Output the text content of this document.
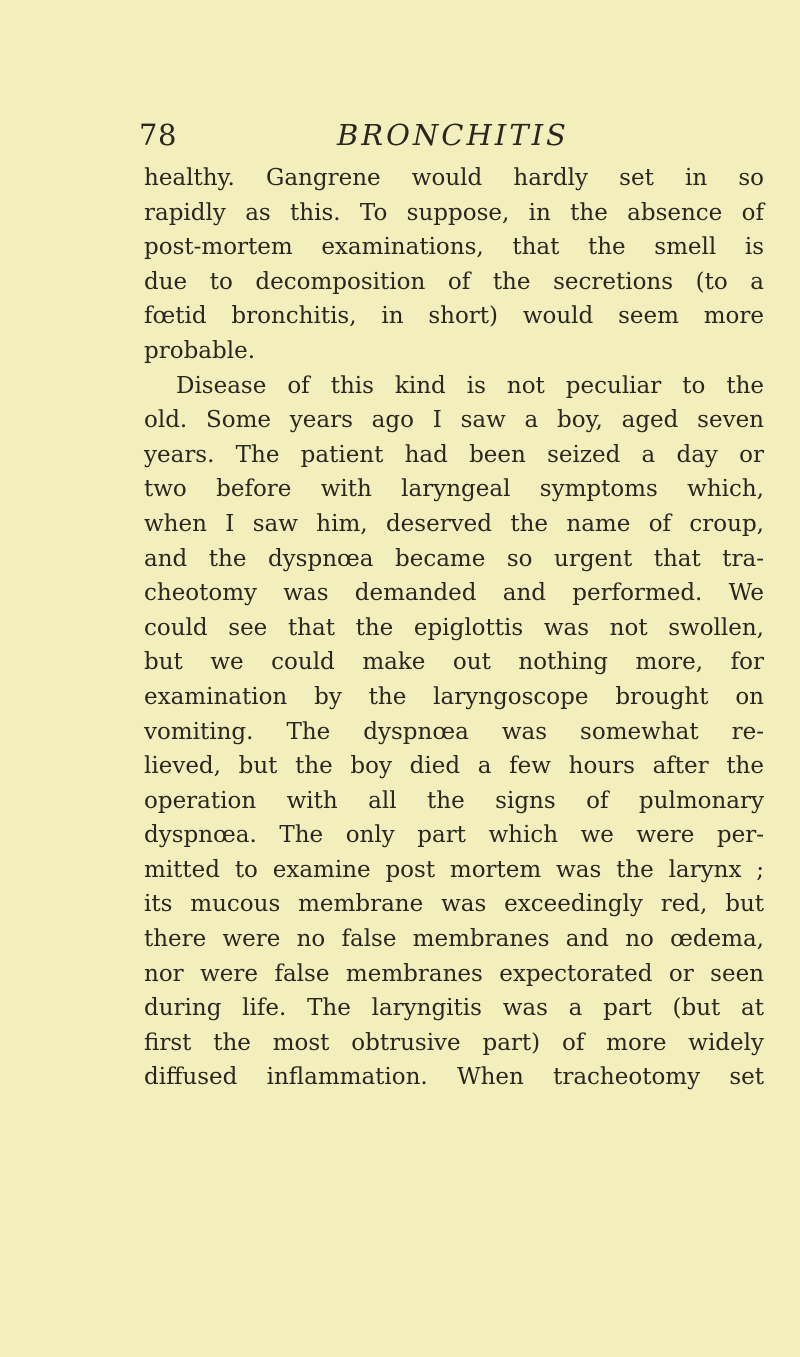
78	BRONCHITIS
healthy. Gangrene would hardly set in so
rapidly as this. To suppose, in the absence of
post-mortem examinations, that the smell is
due to decomposition of the secretions (to a
fœtid bronchitis, in short) would seem more
probable.
Disease of this kind is not peculiar to the
old. Some years ago I saw a boy, aged seven
years. The patient had been seized a day or
two before with laryngeal symptoms which,
when I saw him, deserved the name of croup,
and the dyspnœa became so urgent that tra-
cheotomy was demanded and performed. We
could see that the epiglottis was not swollen,
but we could make out nothing more, for
examination by the laryngoscope brought on
vomiting. The dyspnœa was somewhat re-
lieved, but the boy died a few hours after the
operation with all the signs of pulmonary
dyspnœa. The only part which we were per-
mitted to examine post mortem was the larynx ;
its mucous membrane was exceedingly red, but
there were no false membranes and no œdema,
nor were false membranes expectorated or seen
during life. The laryngitis was a part (but at
first the most obtrusive part) of more widely
diffused inflammation. When tracheotomy set
